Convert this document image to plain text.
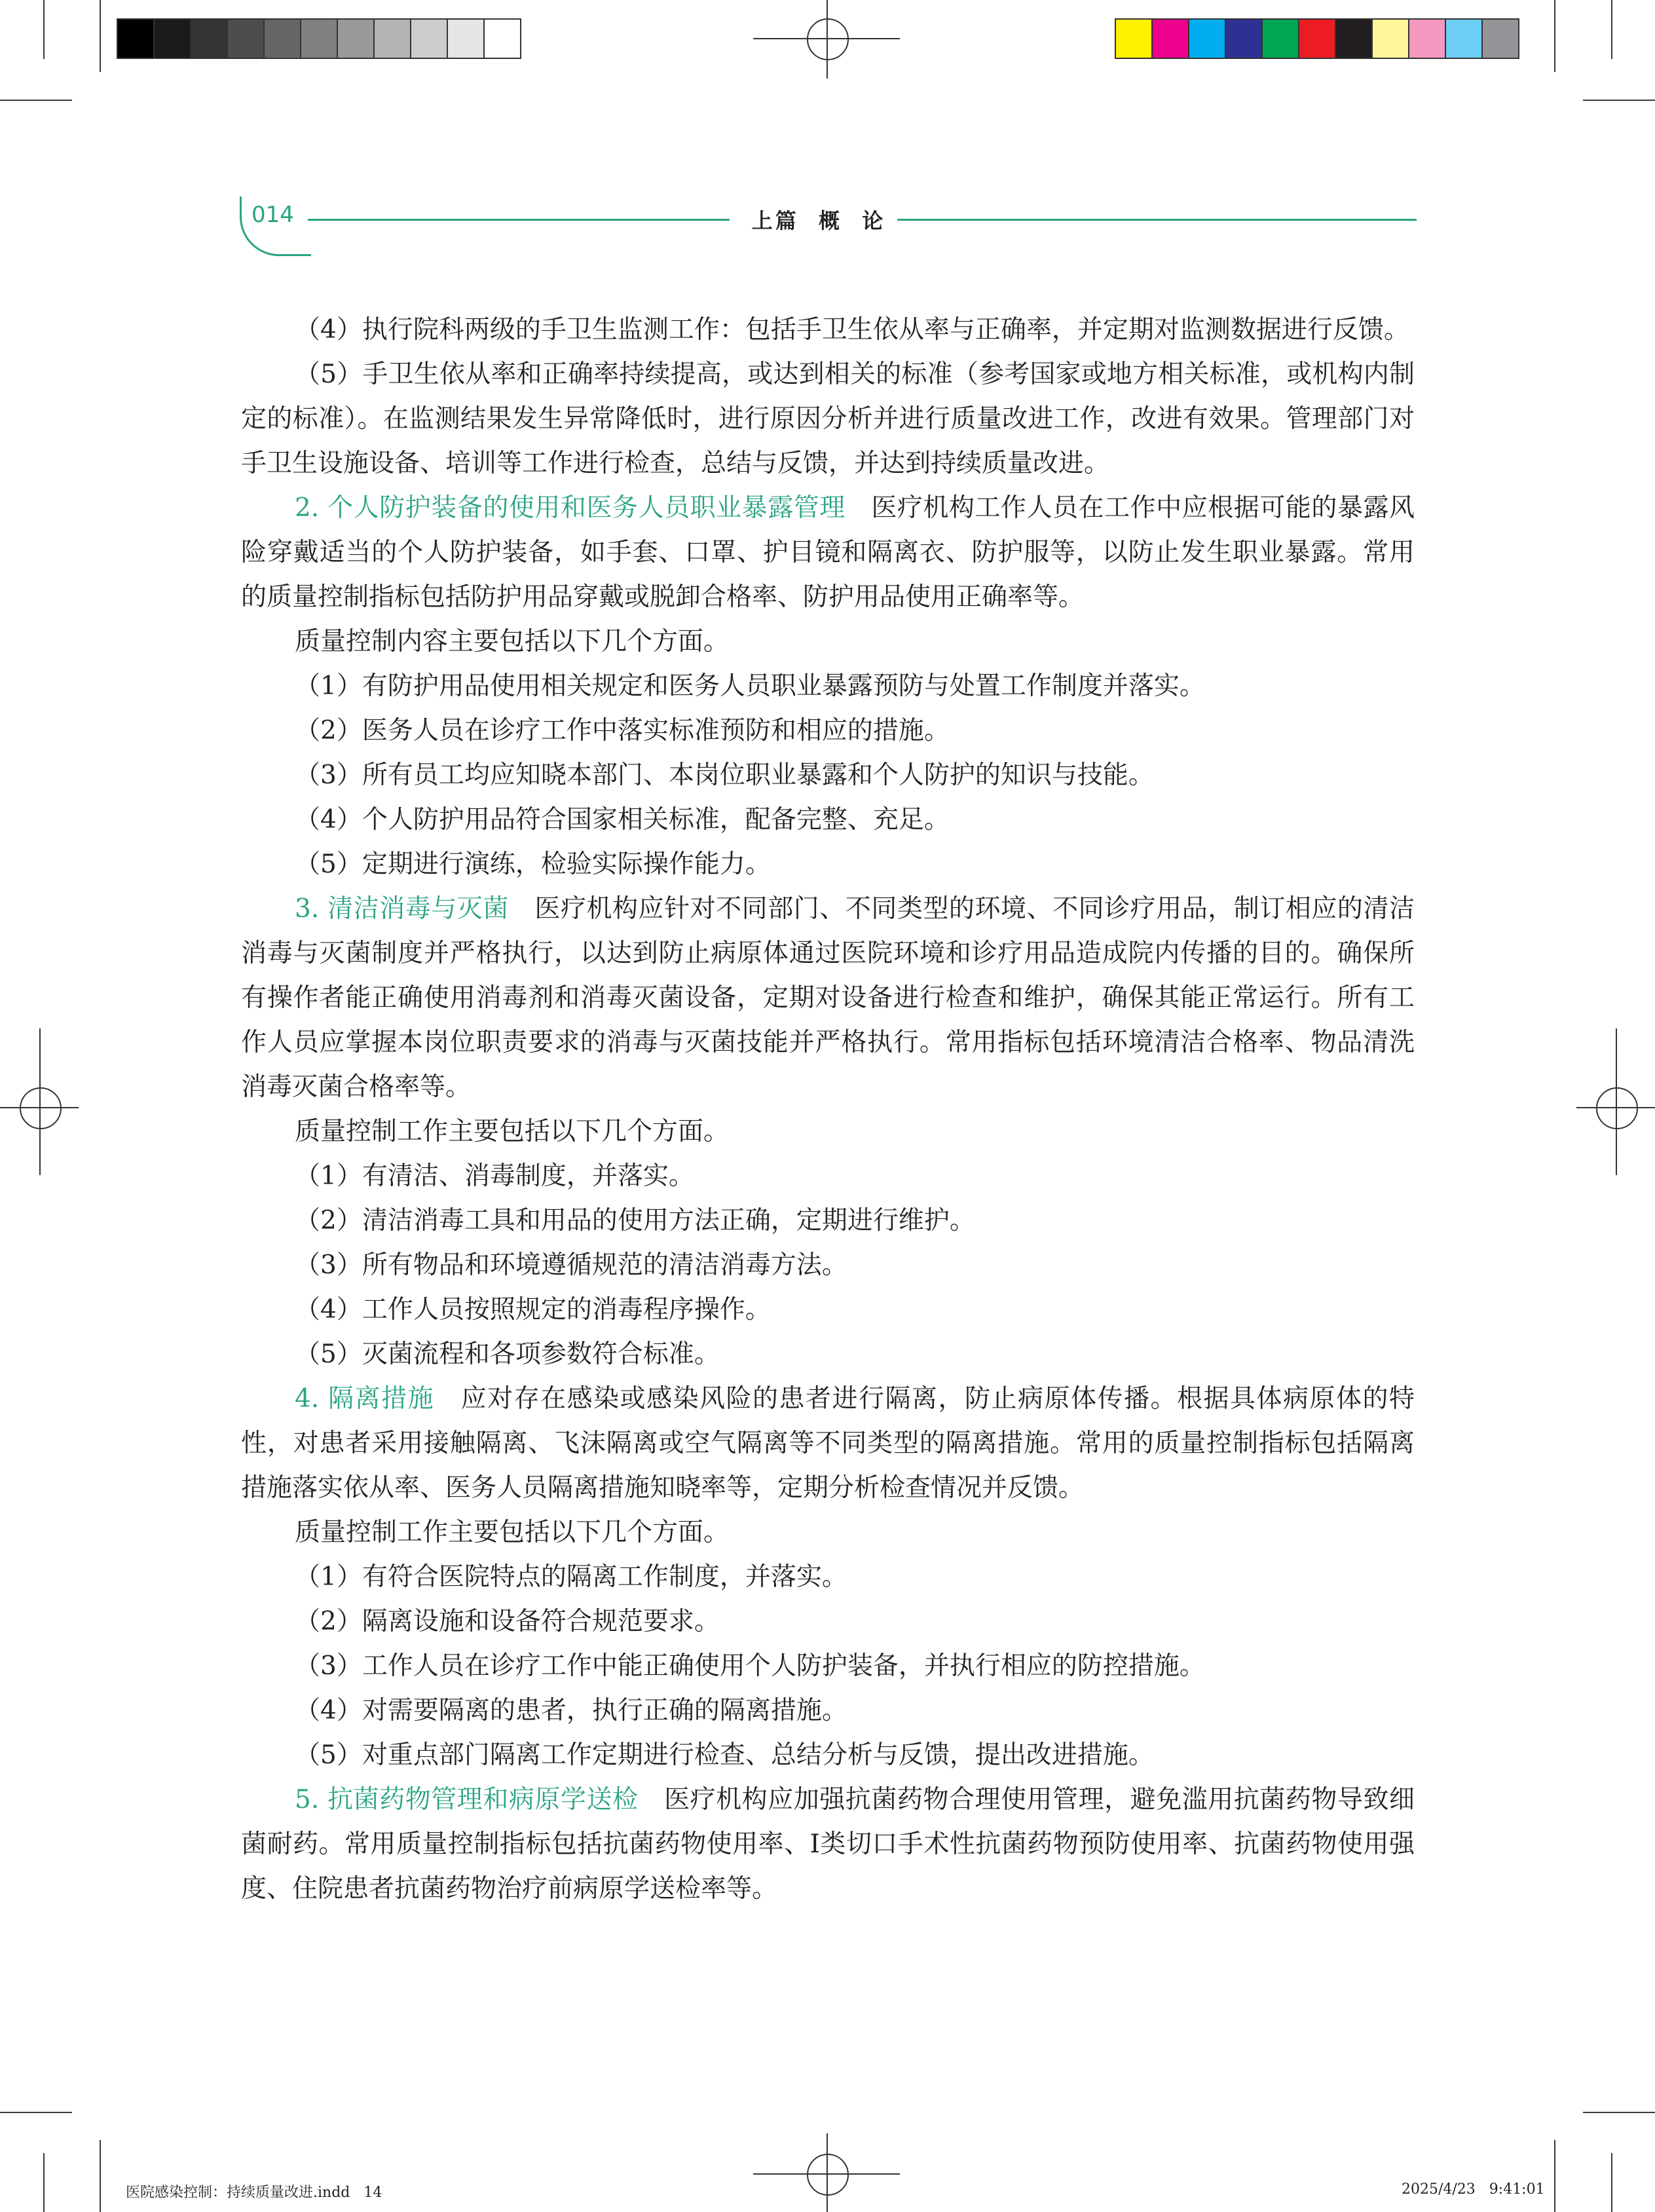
014	上篇  概  论

（4）执行院科两级的手卫生监测工作：包括手卫生依从率与正确率，并定期对监测数据进行反馈。

（5）手卫生依从率和正确率持续提高，或达到相关的标准（参考国家或地方相关标准，或机构内制定的标准）。在监测结果发生异常降低时，进行原因分析并进行质量改进工作，改进有效果。管理部门对手卫生设施设备、培训等工作进行检查，总结与反馈，并达到持续质量改进。

2. 个人防护装备的使用和医务人员职业暴露管理  医疗机构工作人员在工作中应根据可能的暴露风险穿戴适当的个人防护装备，如手套、口罩、护目镜和隔离衣、防护服等，以防止发生职业暴露。常用的质量控制指标包括防护用品穿戴或脱卸合格率、防护用品使用正确率等。

质量控制内容主要包括以下几个方面。

（1）有防护用品使用相关规定和医务人员职业暴露预防与处置工作制度并落实。

（2）医务人员在诊疗工作中落实标准预防和相应的措施。

（3）所有员工均应知晓本部门、本岗位职业暴露和个人防护的知识与技能。

（4）个人防护用品符合国家相关标准，配备完整、充足。

（5）定期进行演练，检验实际操作能力。

3. 清洁消毒与灭菌  医疗机构应针对不同部门、不同类型的环境、不同诊疗用品，制订相应的清洁消毒与灭菌制度并严格执行，以达到防止病原体通过医院环境和诊疗用品造成院内传播的目的。确保所有操作者能正确使用消毒剂和消毒灭菌设备，定期对设备进行检查和维护，确保其能正常运行。所有工作人员应掌握本岗位职责要求的消毒与灭菌技能并严格执行。常用指标包括环境清洁合格率、物品清洗消毒灭菌合格率等。

质量控制工作主要包括以下几个方面。

（1）有清洁、消毒制度，并落实。

（2）清洁消毒工具和用品的使用方法正确，定期进行维护。

（3）所有物品和环境遵循规范的清洁消毒方法。

（4）工作人员按照规定的消毒程序操作。

（5）灭菌流程和各项参数符合标准。

4. 隔离措施  应对存在感染或感染风险的患者进行隔离，防止病原体传播。根据具体病原体的特性，对患者采用接触隔离、飞沫隔离或空气隔离等不同类型的隔离措施。常用的质量控制指标包括隔离措施落实依从率、医务人员隔离措施知晓率等，定期分析检查情况并反馈。

质量控制工作主要包括以下几个方面。

（1）有符合医院特点的隔离工作制度，并落实。

（2）隔离设施和设备符合规范要求。

（3）工作人员在诊疗工作中能正确使用个人防护装备，并执行相应的防控措施。

（4）对需要隔离的患者，执行正确的隔离措施。

（5）对重点部门隔离工作定期进行检查、总结分析与反馈，提出改进措施。

5. 抗菌药物管理和病原学送检  医疗机构应加强抗菌药物合理使用管理，避免滥用抗菌药物导致细菌耐药。常用质量控制指标包括抗菌药物使用率、Ⅰ类切口手术性抗菌药物预防使用率、抗菌药物使用强度、住院患者抗菌药物治疗前病原学送检率等。

医院感染控制：持续质量改进.indd   14	2025/4/23   9:41:01
